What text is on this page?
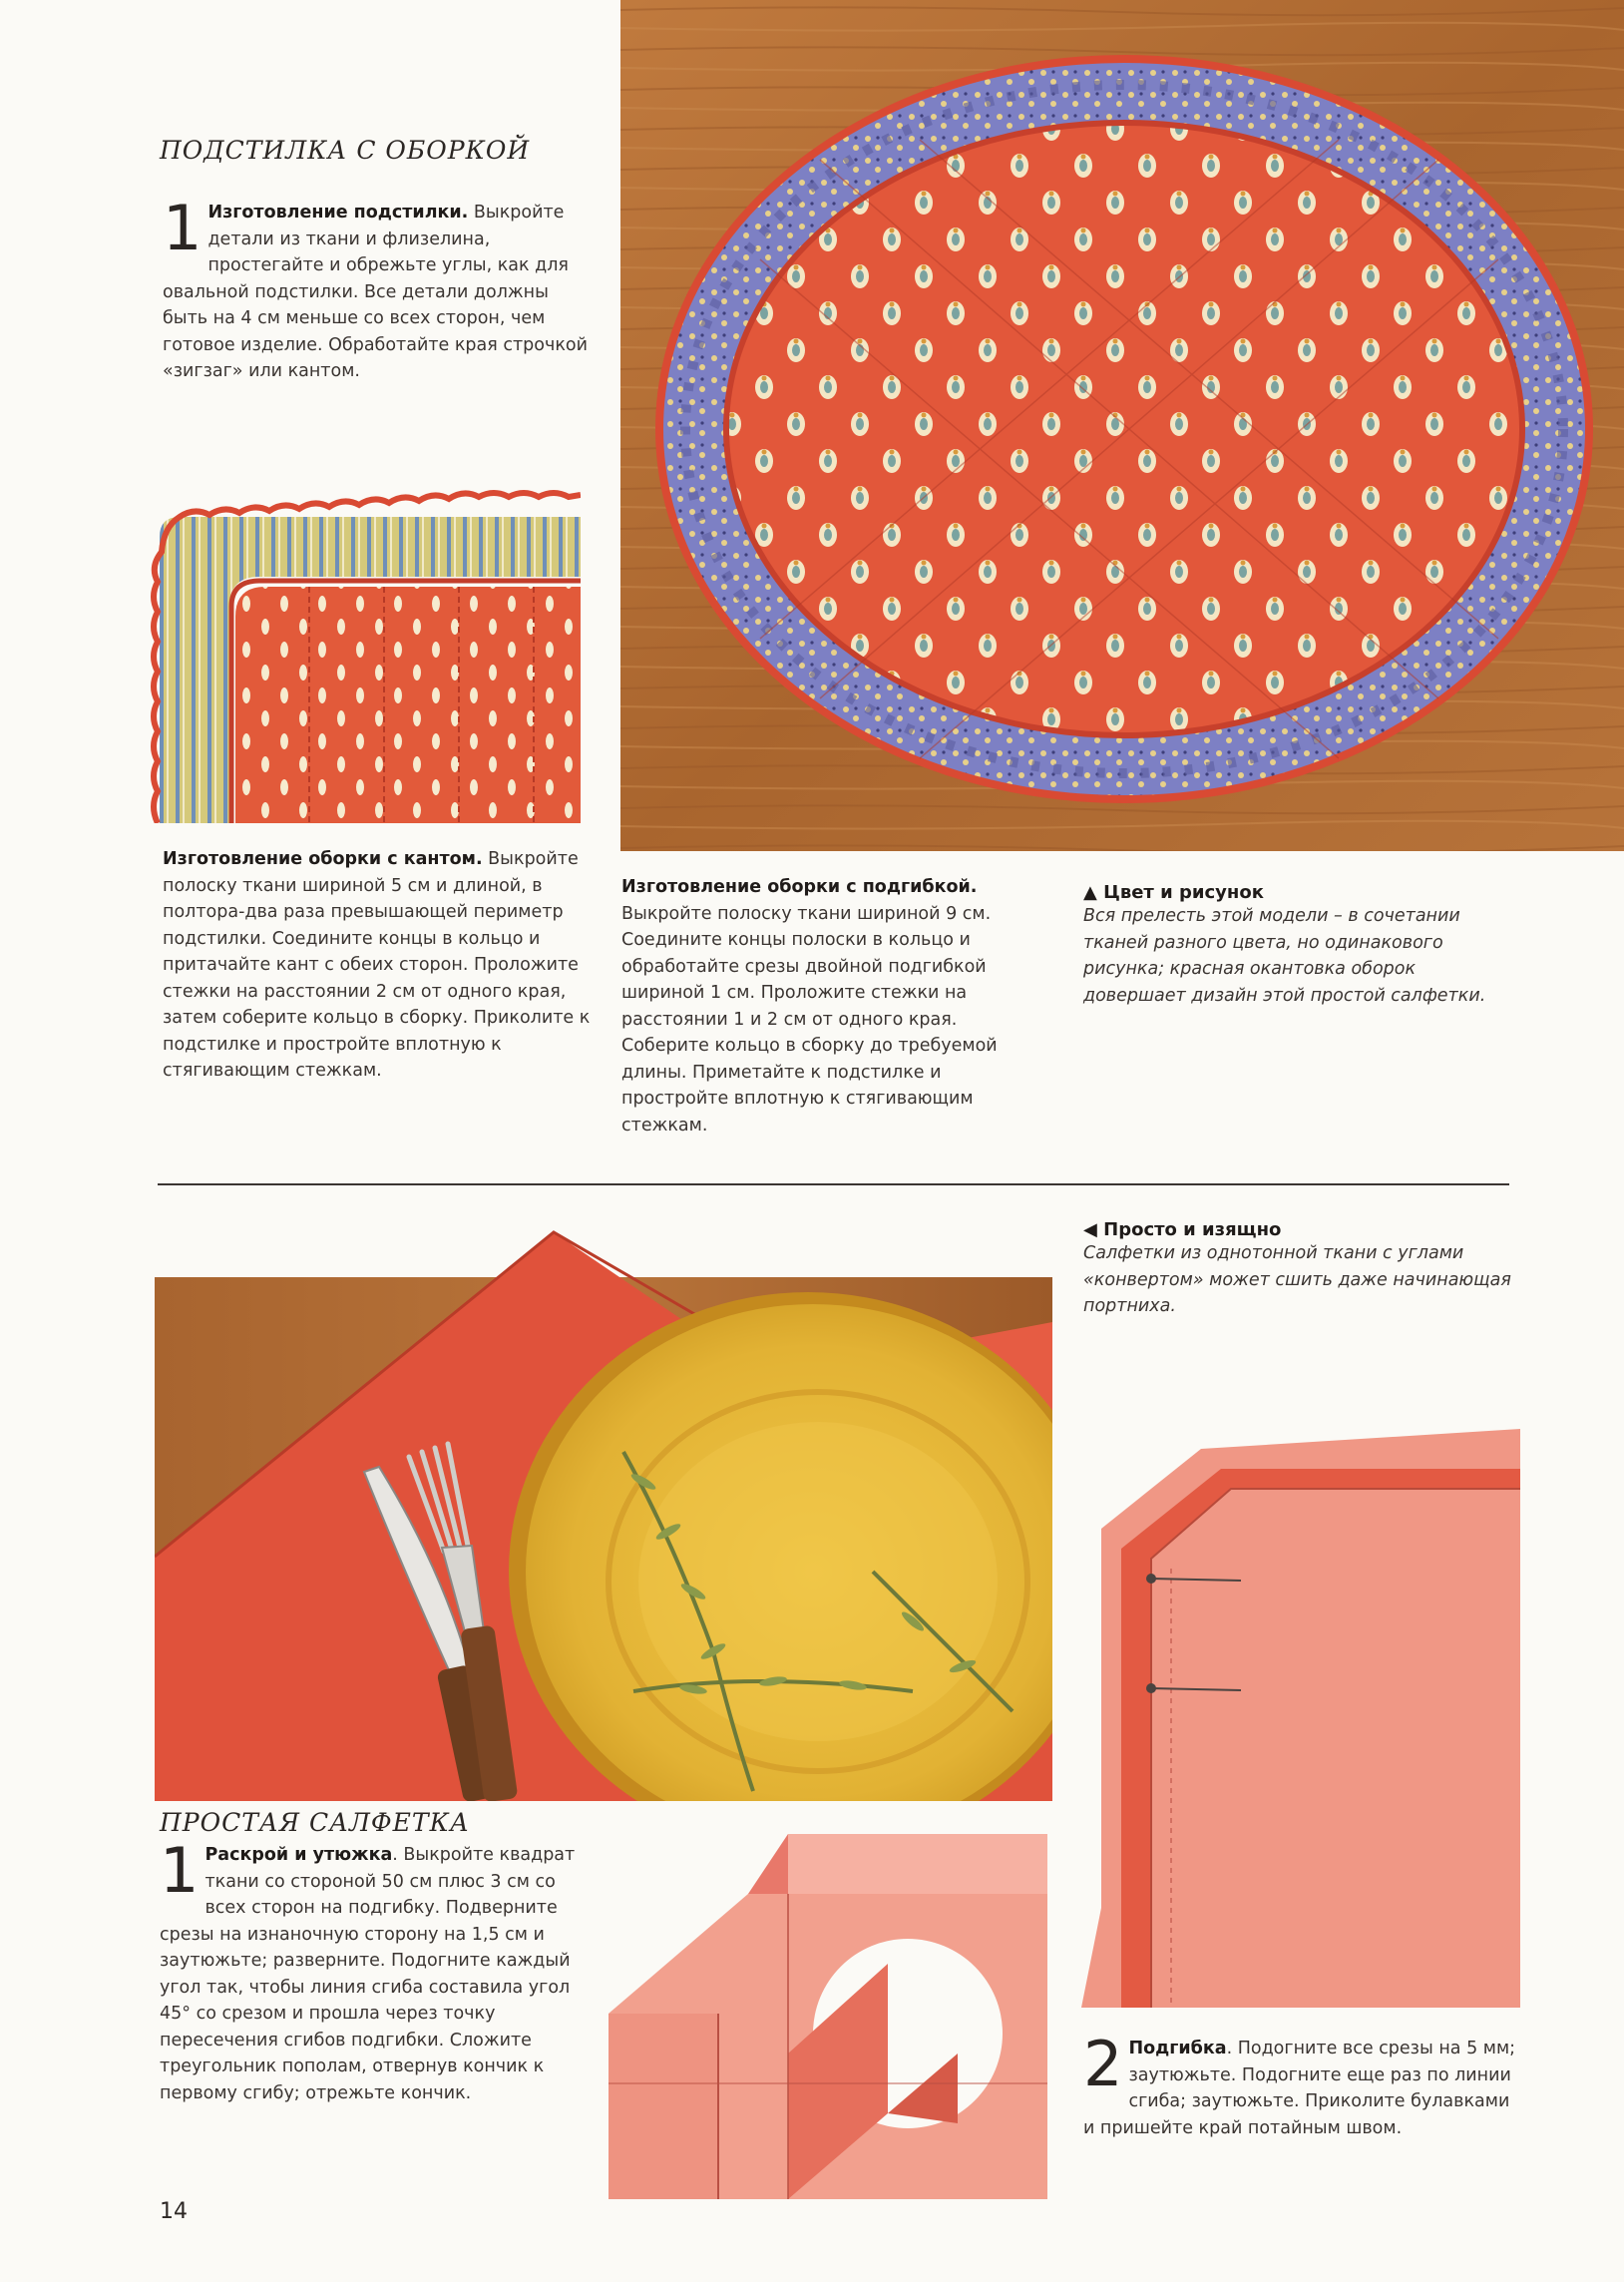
ПОДСТИЛКА С ОБОРКОЙ
1 Изготовление подстилки. Выкройте детали из ткани и флизелина, простегайте и обрежьте углы, как для овальной подстилки. Все детали должны быть на 4 см меньше со всех сторон, чем готовое изделие. Обработайте края строчкой «зигзаг» или кантом.
Изготовление оборки с кантом. Выкройте полоску ткани шириной 5 см и длиной, в полтора-два раза превышающей периметр подстилки. Соедините концы в кольцо и притачайте кант с обеих сторон. Проложите стежки на расстоянии 2 см от одного края, затем соберите кольцо в сборку. Приколите к подстилке и простройте вплотную к стягивающим стежкам.
Изготовление оборки с подгибкой.
Выкройте полоску ткани шириной 9 см. Соедините концы полоски в кольцо и обработайте срезы двойной подгибкой шириной 1 см. Проложите стежки на расстоянии 1 и 2 см от одного края. Соберите кольцо в сборку до требуемой длины. Приметайте к подстилке и простройте вплотную к стягивающим стежкам.
▲ Цвет и рисунок
Вся прелесть этой модели – в сочетании тканей разного цвета, но одинакового рисунка; красная окантовка оборок довершает дизайн этой простой салфетки.
◀ Просто и изящно
Салфетки из однотонной ткани с углами «конвертом» может сшить даже начинающая портниха.
ПРОСТАЯ САЛФЕТКА
1 Раскрой и утюжка. Выкройте квадрат ткани со стороной 50 см плюс 3 см со всех сторон на подгибку. Подверните срезы на изнаночную сторону на 1,5 см и заутюжьте; разверните. Подогните каждый угол так, чтобы линия сгиба составила угол 45° со срезом и прошла через точку пересечения сгибов подгибки. Сложите треугольник пополам, отвернув кончик к первому сгибу; отрежьте кончик.	2 Подгибка. Подогните все срезы на 5 мм; заутюжьте. Подогните еще раз по линии сгиба; заутюжьте. Приколите булавками и пришейте край потайным швом.
14
